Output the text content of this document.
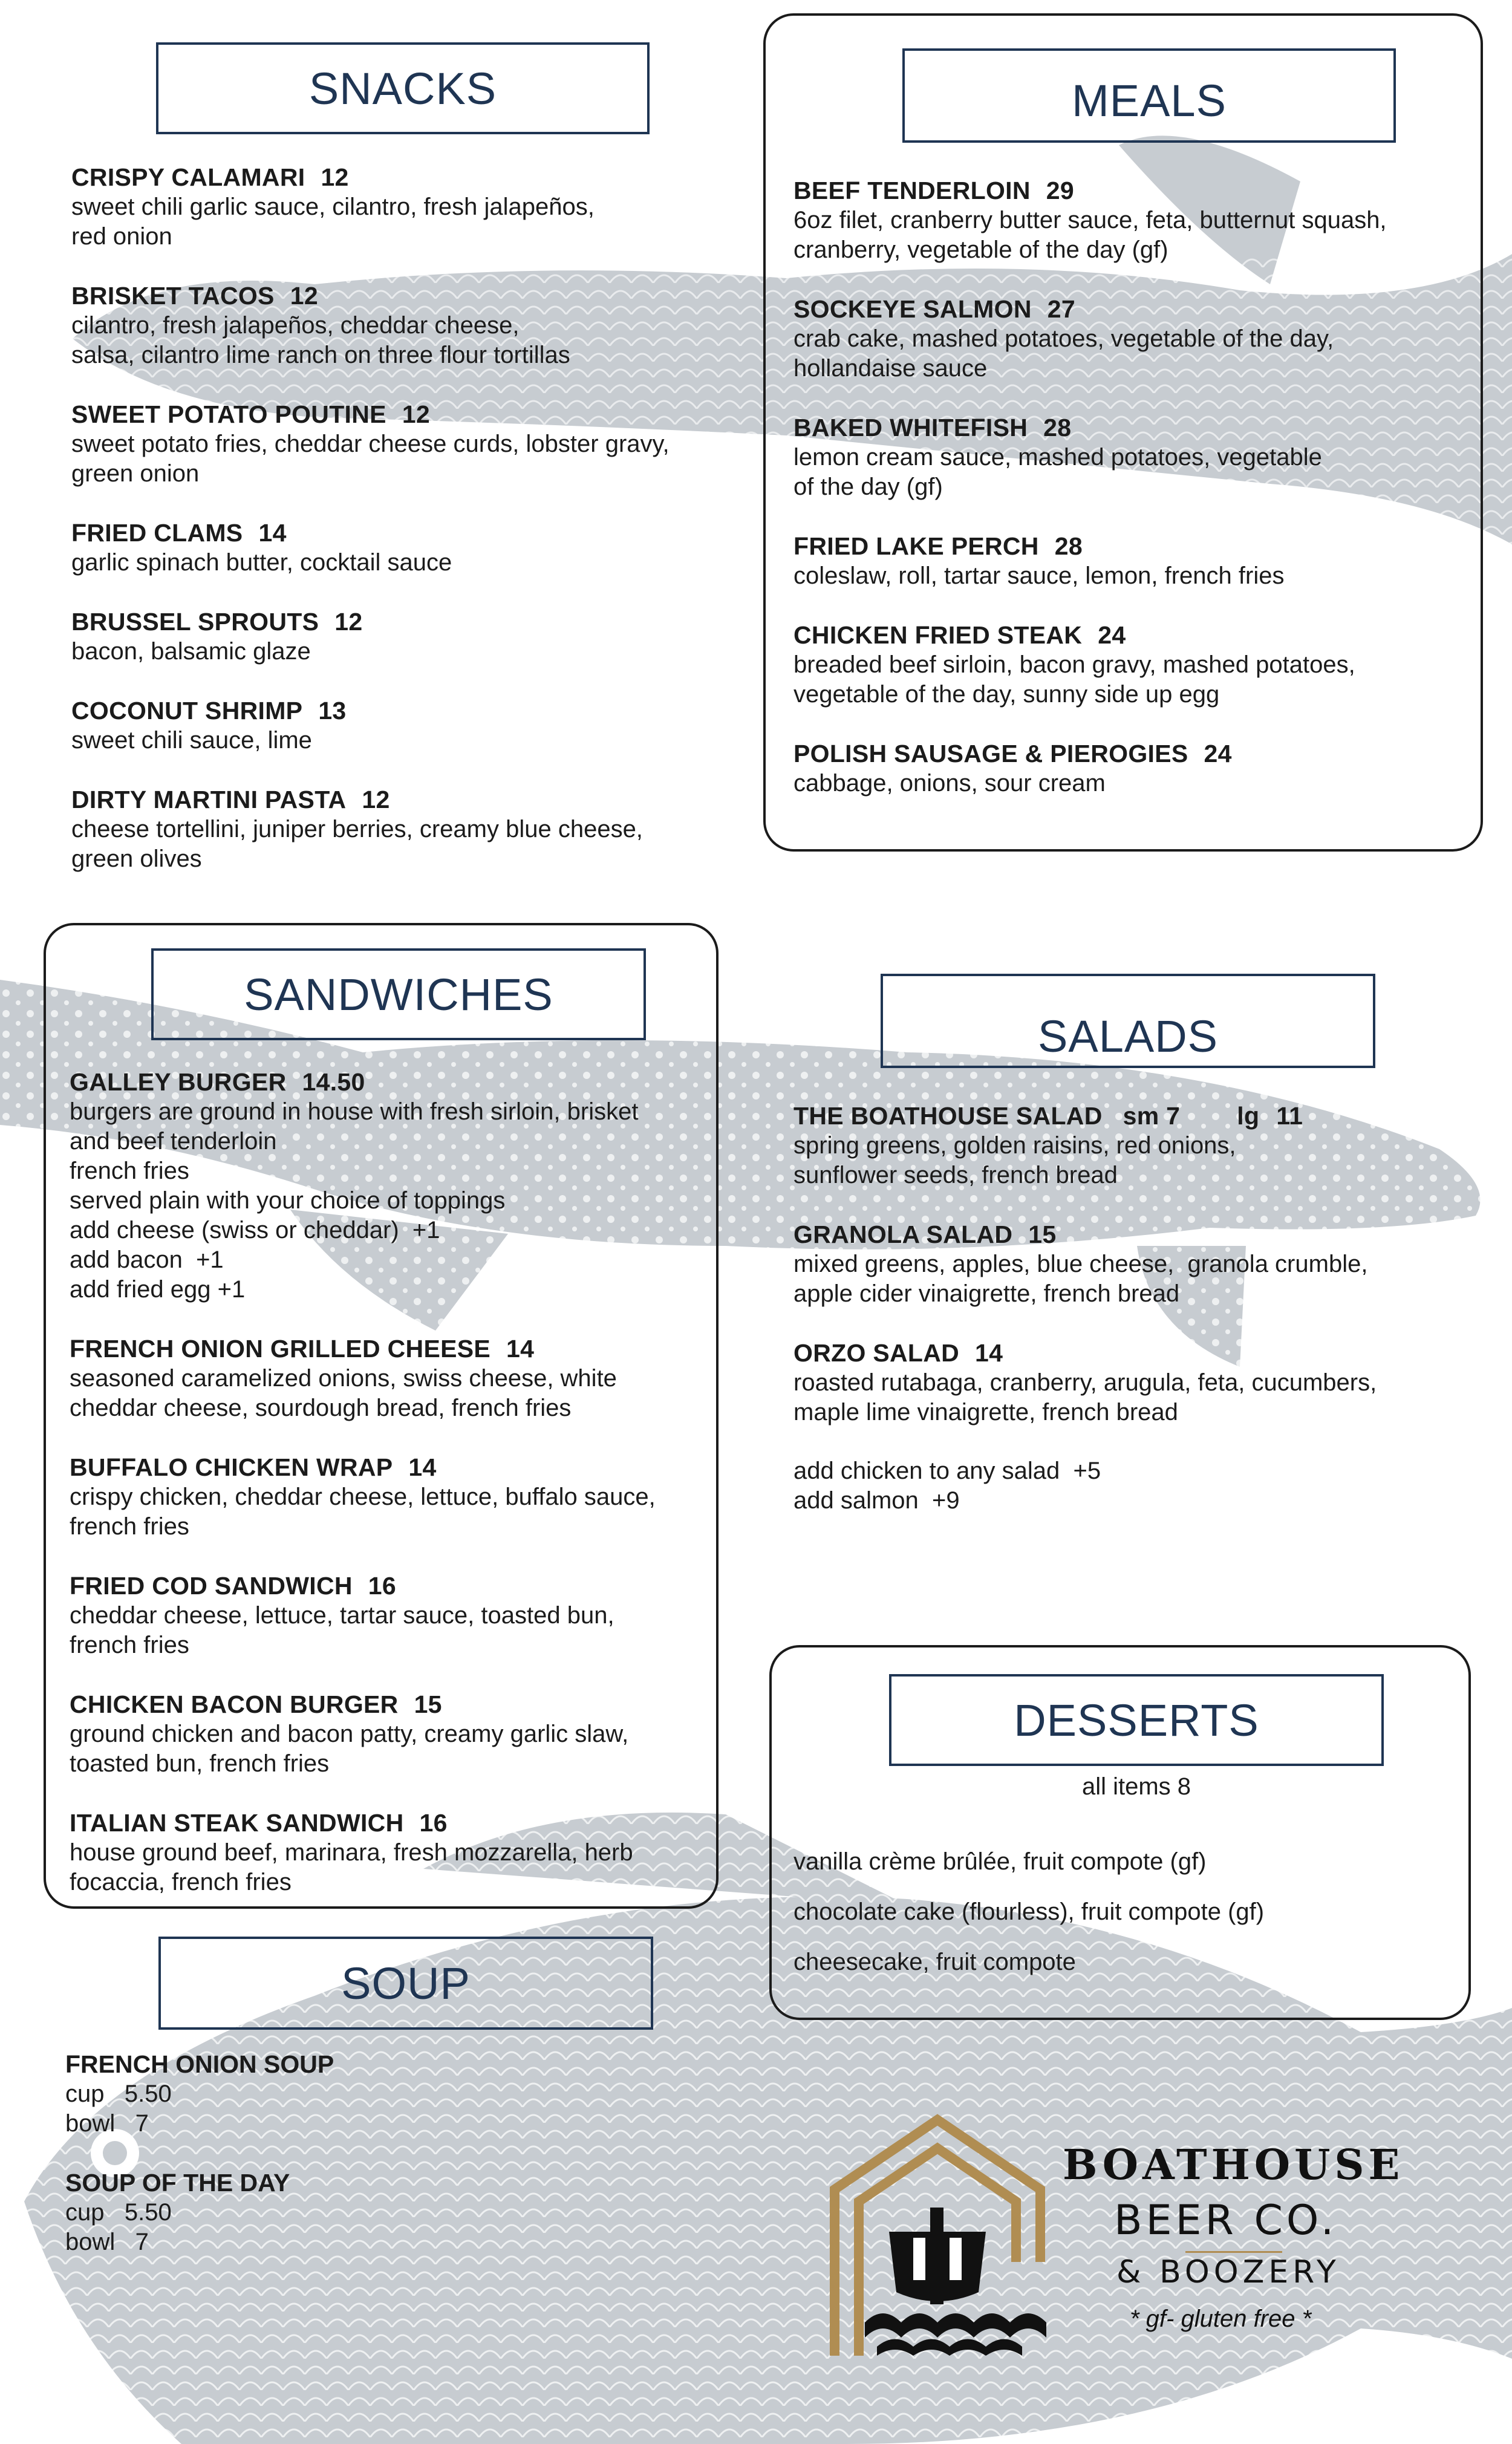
SNACKS
CRISPY CALAMARI 12
sweet chili garlic sauce, cilantro, fresh jalapeños,
red onion
BRISKET TACOS 12
cilantro, fresh jalapeños, cheddar cheese,
salsa, cilantro lime ranch on three flour tortillas
SWEET POTATO POUTINE 12
sweet potato fries, cheddar cheese curds, lobster gravy,
green onion
FRIED CLAMS 14
garlic spinach butter, cocktail sauce
BRUSSEL SPROUTS 12
bacon, balsamic glaze
COCONUT SHRIMP 13
sweet chili sauce, lime
DIRTY MARTINI PASTA 12
cheese tortellini, juniper berries, creamy blue cheese,
green olives
MEALS
BEEF TENDERLOIN 29
6oz filet, cranberry butter sauce, feta, butternut squash,
cranberry, vegetable of the day (gf)
SOCKEYE SALMON 27
crab cake, mashed potatoes, vegetable of the day,
hollandaise sauce
BAKED WHITEFISH 28
lemon cream sauce, mashed potatoes, vegetable
of the day (gf)
FRIED LAKE PERCH 28
coleslaw, roll, tartar sauce, lemon, french fries
CHICKEN FRIED STEAK 24
breaded beef sirloin, bacon gravy, mashed potatoes,
vegetable of the day, sunny side up egg
POLISH SAUSAGE & PIEROGIES 24
cabbage, onions, sour cream
SANDWICHES
GALLEY BURGER 14.50
burgers are ground in house with fresh sirloin, brisket
and beef tenderloin
french fries
served plain with your choice of toppings
add cheese (swiss or cheddar)  +1
add bacon  +1
add fried egg +1
FRENCH ONION GRILLED CHEESE 14
seasoned caramelized onions, swiss cheese, white
cheddar cheese, sourdough bread, french fries
BUFFALO CHICKEN WRAP 14
crispy chicken, cheddar cheese, lettuce, buffalo sauce,
french fries
FRIED COD SANDWICH 16
cheddar cheese, lettuce, tartar sauce, toasted bun,
french fries
CHICKEN BACON BURGER 15
ground chicken and bacon patty, creamy garlic slaw,
toasted bun, french fries
ITALIAN STEAK SANDWICH 16
house ground beef, marinara, fresh mozzarella, herb
focaccia, french fries
SALADS
THE BOATHOUSE SALAD sm 7 lg 11
spring greens, golden raisins, red onions,
sunflower seeds, french bread
GRANOLA SALAD 15
mixed greens, apples, blue cheese,  granola crumble,
apple cider vinaigrette, french bread
ORZO SALAD 14
roasted rutabaga, cranberry, arugula, feta, cucumbers,
maple lime vinaigrette, french bread
add chicken to any salad  +5
add salmon  +9
DESSERTS
all items 8
vanilla crème brûlée, fruit compote (gf)
chocolate cake (flourless), fruit compote (gf)
cheesecake, fruit compote
SOUP
FRENCH ONION SOUP
cup   5.50
bowl   7
SOUP OF THE DAY
cup   5.50
bowl   7
BOATHOUSE
BEER CO.
& BOOZERY
* gf- gluten free *
